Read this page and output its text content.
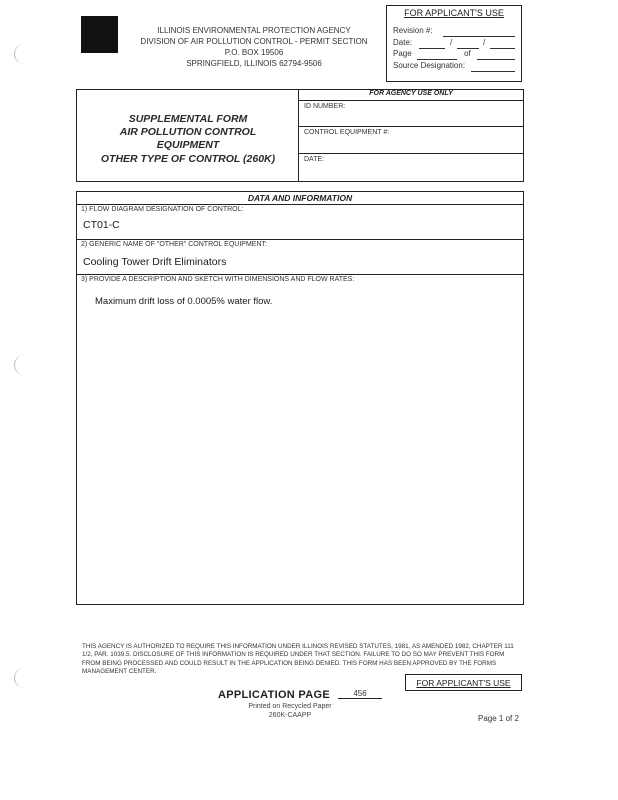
ILLINOIS ENVIRONMENTAL PROTECTION AGENCY
DIVISION OF AIR POLLUTION CONTROL - PERMIT SECTION
P.O. BOX 19506
SPRINGFIELD, ILLINOIS 62794-9506
FOR APPLICANT'S USE
Revision #:
Date:	/	/
Page	of
Source Designation:
SUPPLEMENTAL FORM
AIR POLLUTION CONTROL
EQUIPMENT
OTHER TYPE OF CONTROL (260K)
FOR AGENCY USE ONLY
ID NUMBER:
CONTROL EQUIPMENT #:
DATE:
DATA AND INFORMATION
1) FLOW DIAGRAM DESIGNATION OF CONTROL:
CT01-C
2) GENERIC NAME OF "OTHER" CONTROL EQUIPMENT:
Cooling Tower Drift Eliminators
3) PROVIDE A DESCRIPTION AND SKETCH WITH DIMENSIONS AND FLOW RATES:
Maximum drift loss of 0.0005% water flow.
THIS AGENCY IS AUTHORIZED TO REQUIRE THIS INFORMATION UNDER ILLINOIS REVISED STATUTES, 1981, AS AMENDED 1982, CHAPTER 111 1/2, PAR. 1039.5. DISCLOSURE OF THIS INFORMATION IS REQUIRED UNDER THAT SECTION. FAILURE TO DO SO MAY PREVENT THIS FORM FROM BEING PROCESSED AND COULD RESULT IN THE APPLICATION BEING DENIED. THIS FORM HAS BEEN APPROVED BY THE FORMS MANAGEMENT CENTER.
FOR APPLICANT'S USE
APPLICATION PAGE	456
Printed on Recycled Paper
260K-CAAPP	Page 1 of 2
